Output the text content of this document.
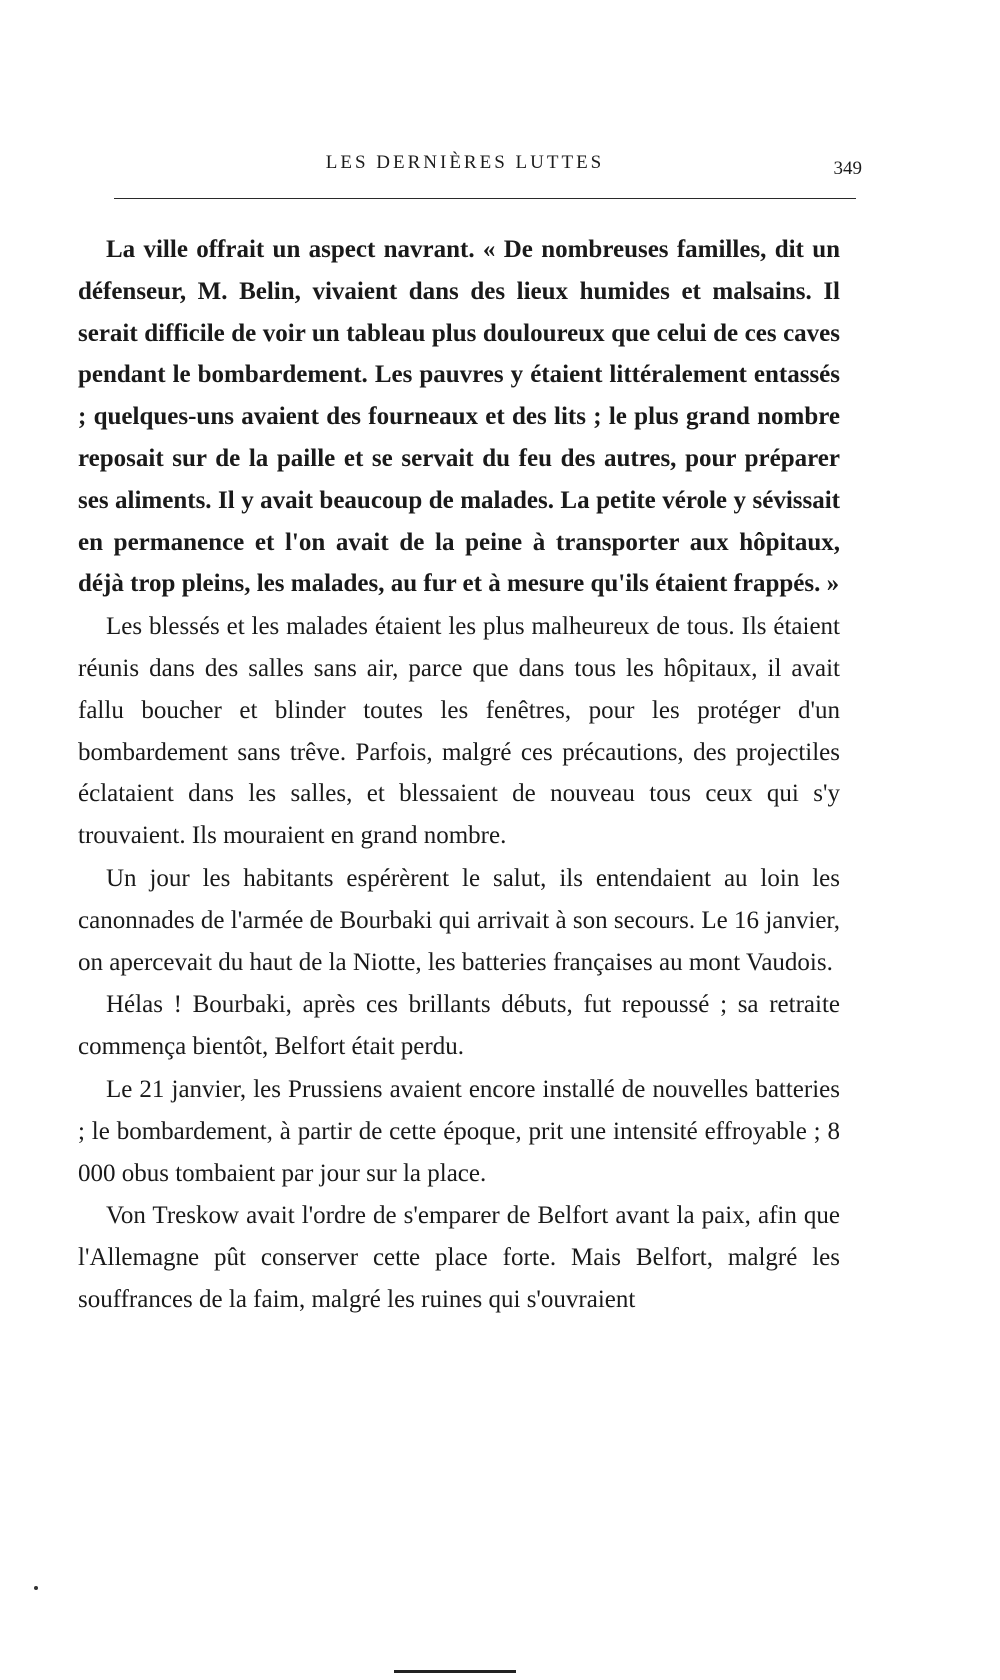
LES DERNIÈRES LUTTES	349

La ville offrait un aspect navrant. « De nombreuses familles, dit un défenseur, M. Belin, vivaient dans des lieux humides et malsains. Il serait difficile de voir un tableau plus douloureux que celui de ces caves pendant le bombardement. Les pauvres y étaient littéralement entassés ; quelques-uns avaient des fourneaux et des lits ; le plus grand nombre reposait sur de la paille et se servait du feu des autres, pour préparer ses aliments. Il y avait beaucoup de malades. La petite vérole y sévissait en permanence et l'on avait de la peine à transporter aux hôpitaux, déjà trop pleins, les malades, au fur et à mesure qu'ils étaient frappés. »

Les blessés et les malades étaient les plus malheureux de tous. Ils étaient réunis dans des salles sans air, parce que dans tous les hôpitaux, il avait fallu boucher et blinder toutes les fenêtres, pour les protéger d'un bombardement sans trêve. Parfois, malgré ces précautions, des projectiles éclataient dans les salles, et blessaient de nouveau tous ceux qui s'y trouvaient. Ils mouraient en grand nombre.

Un jour les habitants espérèrent le salut, ils entendaient au loin les canonnades de l'armée de Bourbaki qui arrivait à son secours. Le 16 janvier, on apercevait du haut de la Niotte, les batteries françaises au mont Vaudois.

Hélas ! Bourbaki, après ces brillants débuts, fut repoussé ; sa retraite commença bientôt, Belfort était perdu.

Le 21 janvier, les Prussiens avaient encore installé de nouvelles batteries ; le bombardement, à partir de cette époque, prit une intensité effroyable ; 8 000 obus tombaient par jour sur la place.

Von Treskow avait l'ordre de s'emparer de Belfort avant la paix, afin que l'Allemagne pût conserver cette place forte. Mais Belfort, malgré les souffrances de la faim, malgré les ruines qui s'ouvraient
